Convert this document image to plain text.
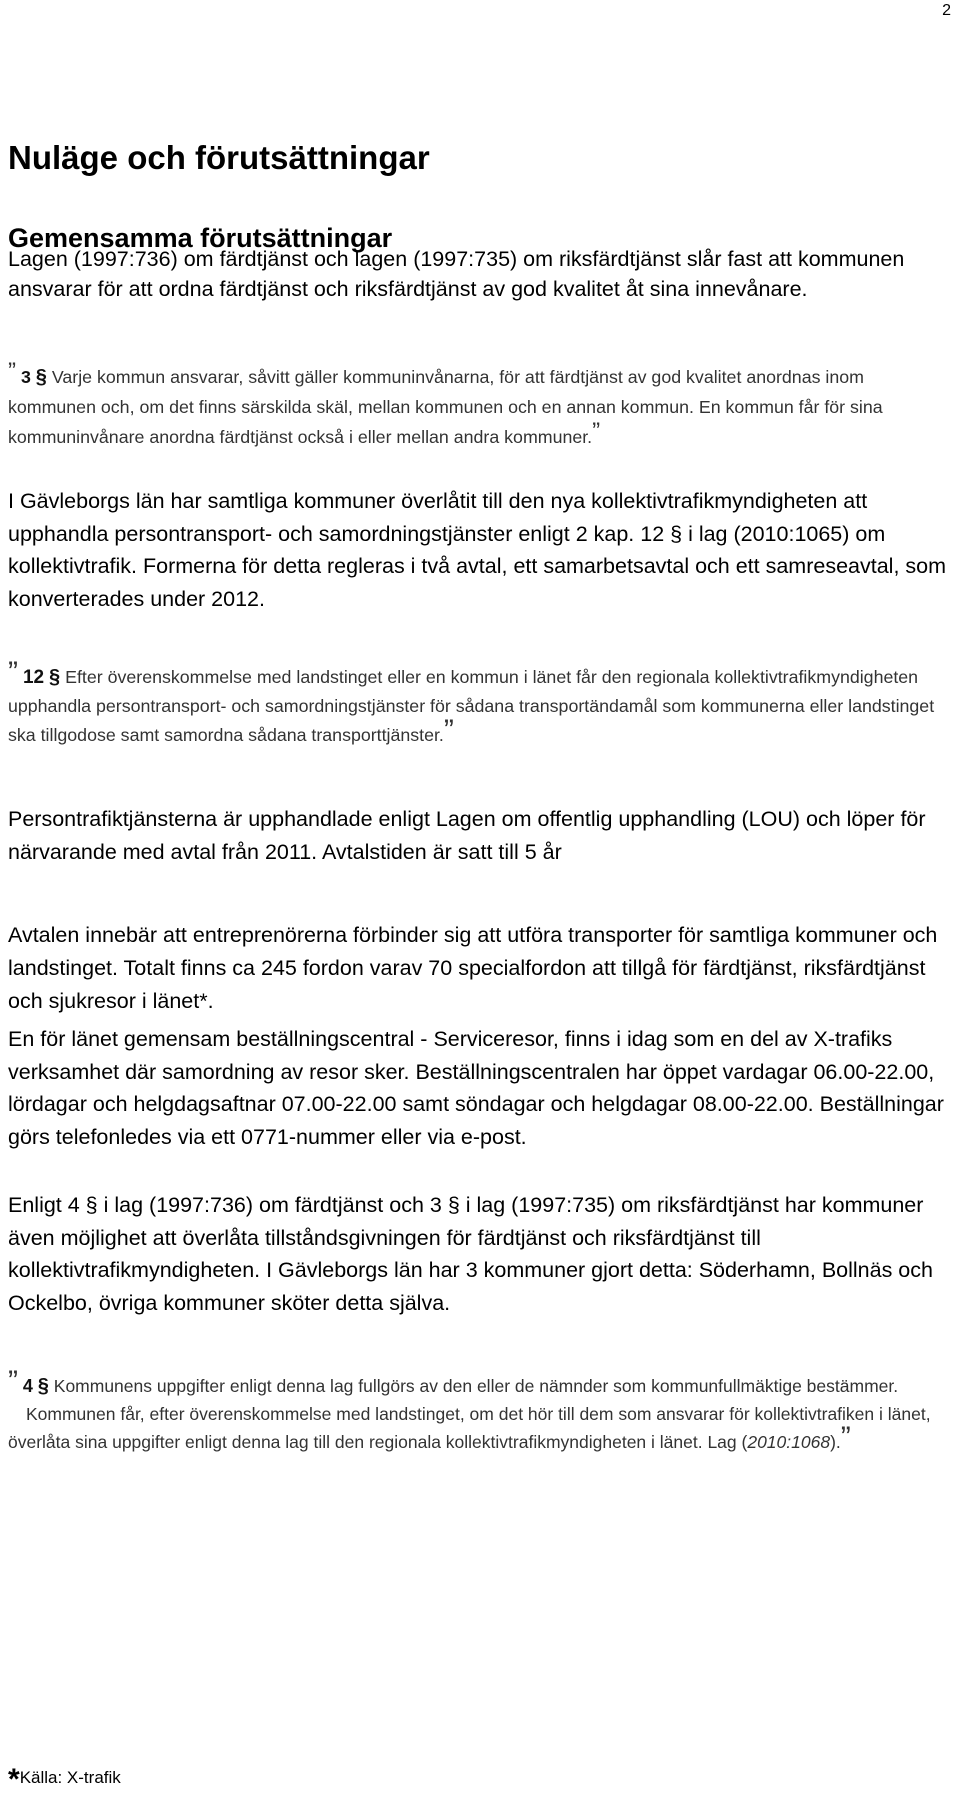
2
Nuläge och förutsättningar
Gemensamma förutsättningar

Lagen (1997:736) om färdtjänst och lagen (1997:735) om riksfärdtjänst slår fast att kommunen ansvarar för att ordna färdtjänst och riksfärdtjänst av god kvalitet åt sina innevånare.

” 3 § Varje kommun ansvarar, såvitt gäller kommuninvånarna, för att färdtjänst av god kvalitet anordnas inom kommunen och, om det finns särskilda skäl, mellan kommunen och en annan kommun. En kommun får för sina kommuninvånare anordna färdtjänst också i eller mellan andra kommuner.”

I Gävleborgs län har samtliga kommuner överlåtit till den nya kollektivtrafikmyndigheten att upphandla persontransport- och samordningstjänster enligt 2 kap. 12 § i lag (2010:1065) om kollektivtrafik. Formerna för detta regleras i två avtal, ett samarbetsavtal och ett samreseavtal, som konverterades under 2012.

” 12 § Efter överenskommelse med landstinget eller en kommun i länet får den regionala kollektivtrafikmyndigheten upphandla persontransport- och samordningstjänster för sådana transportändamål som kommunerna eller landstinget ska tillgodose samt samordna sådana transporttjänster.”

Persontrafiktjänsterna är upphandlade enligt Lagen om offentlig upphandling (LOU) och löper för närvarande med avtal från 2011. Avtalstiden är satt till 5 år

Avtalen innebär att entreprenörerna förbinder sig att utföra transporter för samtliga kommuner och landstinget. Totalt finns ca 245 fordon varav 70 specialfordon att tillgå för färdtjänst, riksfärdtjänst och sjukresor i länet*.

En för länet gemensam beställningscentral - Serviceresor, finns i idag som en del av X-trafiks verksamhet där samordning av resor sker. Beställningscentralen har öppet vardagar 06.00-22.00, lördagar och helgdagsaftnar 07.00-22.00 samt söndagar och helgdagar 08.00-22.00. Beställningar görs telefonledes via ett 0771-nummer eller via e-post.

Enligt 4 § i lag (1997:736) om färdtjänst och 3 § i lag (1997:735) om riksfärdtjänst har kommuner även möjlighet att överlåta tillståndsgivningen för färdtjänst och riksfärdtjänst till kollektivtrafikmyndigheten. I Gävleborgs län har 3 kommuner gjort detta: Söderhamn, Bollnäs och Ockelbo, övriga kommuner sköter detta själva.

” 4 § Kommunens uppgifter enligt denna lag fullgörs av den eller de nämnder som kommunfullmäktige bestämmer.
Kommunen får, efter överenskommelse med landstinget, om det hör till dem som ansvarar för kollektivtrafiken i länet, överlåta sina uppgifter enligt denna lag till den regionala kollektivtrafikmyndigheten i länet. Lag (2010:1068).”

*Källa: X-trafik
